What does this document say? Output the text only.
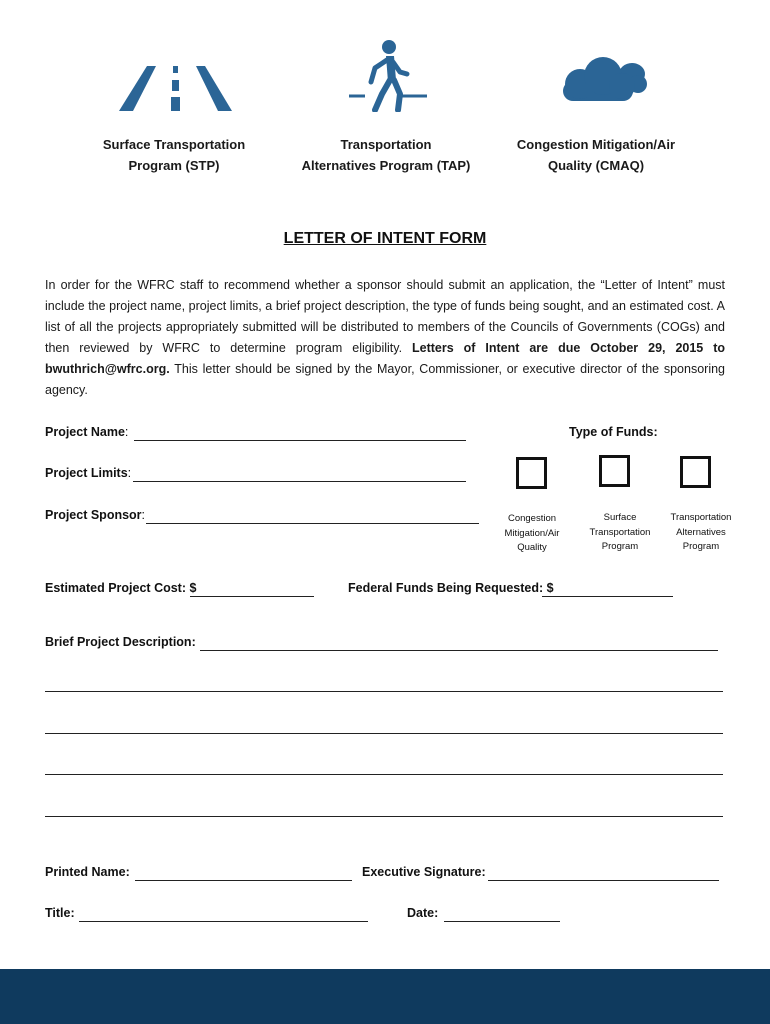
Surface Transportation
Program (STP)
Transportation
Alternatives Program (TAP)
Congestion Mitigation/Air
Quality (CMAQ)
LETTER OF INTENT FORM
In order for the WFRC staff to recommend whether a sponsor should submit an application, the “Letter of Intent” must include the project name, project limits, a brief project description, the type of funds being sought, and an estimated cost. A list of all the projects appropriately submitted will be distributed to members of the Councils of Governments (COGs) and then reviewed by WFRC to determine program eligibility. Letters of Intent are due October 29, 2015 to bwuthrich@wfrc.org. This letter should be signed by the Mayor, Commissioner, or executive director of the sponsoring agency.
Project Name:
Project Limits:
Project Sponsor:
Type of Funds:
Congestion
Mitigation/Air
Quality
Surface
Transportation
Program
Transportation
Alternatives
Program
Estimated Project Cost: $	Federal Funds Being Requested: $
Brief Project Description:
Printed Name:	Executive Signature:
Title:	Date:
